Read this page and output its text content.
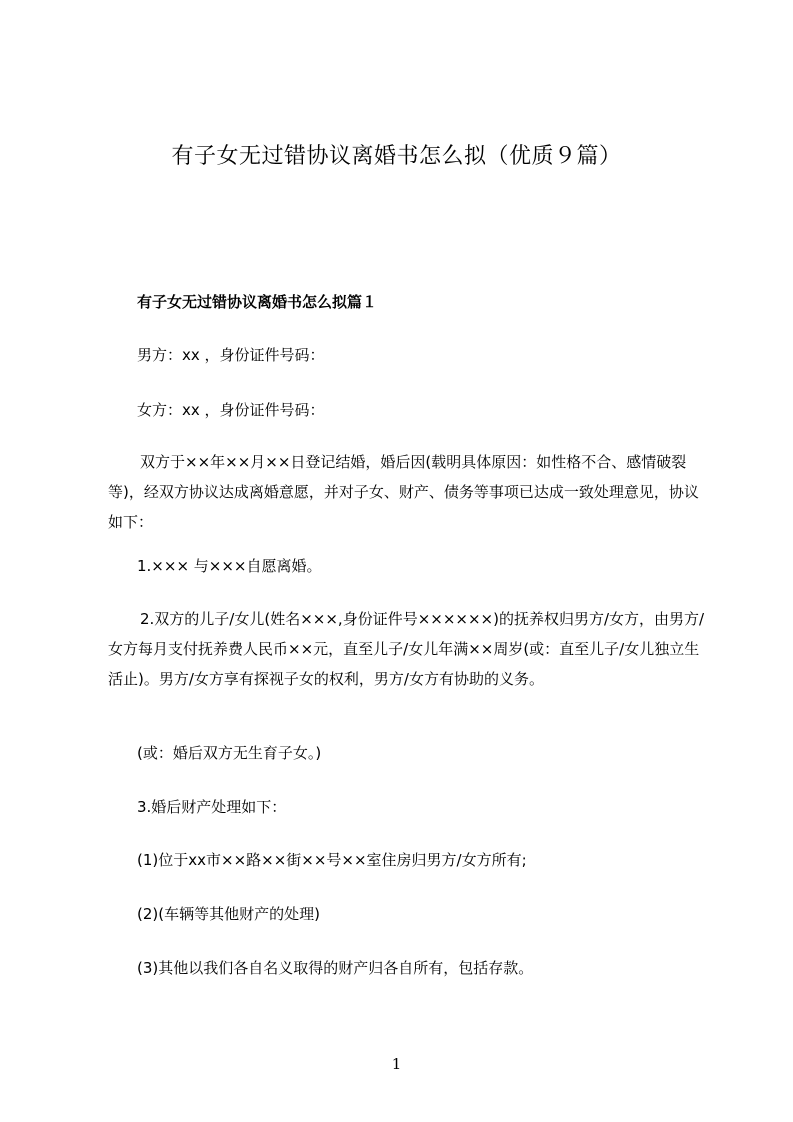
有子女无过错协议离婚书怎么拟（优质９篇）
有子女无过错协议离婚书怎么拟篇１

男方：xx ，身份证件号码：

女方：xx ，身份证件号码：

双方于××年××月××日登记结婚，婚后因(载明具体原因：如性格不合、感情破裂等)，经双方协议达成离婚意愿，并对子女、财产、债务等事项已达成一致处理意见，协议如下：

1.××× 与×××自愿离婚。

2.双方的儿子/女儿(姓名×××,身份证件号××××××)的抚养权归男方/女方，由男方/女方每月支付抚养费人民币××元，直至儿子/女儿年满××周岁(或：直至儿子/女儿独立生活止)。男方/女方享有探视子女的权利，男方/女方有协助的义务。

(或：婚后双方无生育子女。)

3.婚后财产处理如下：

(1)位于xx市××路××街××号××室住房归男方/女方所有;

(2)(车辆等其他财产的处理)

(3)其他以我们各自名义取得的财产归各自所有，包括存款。

1
